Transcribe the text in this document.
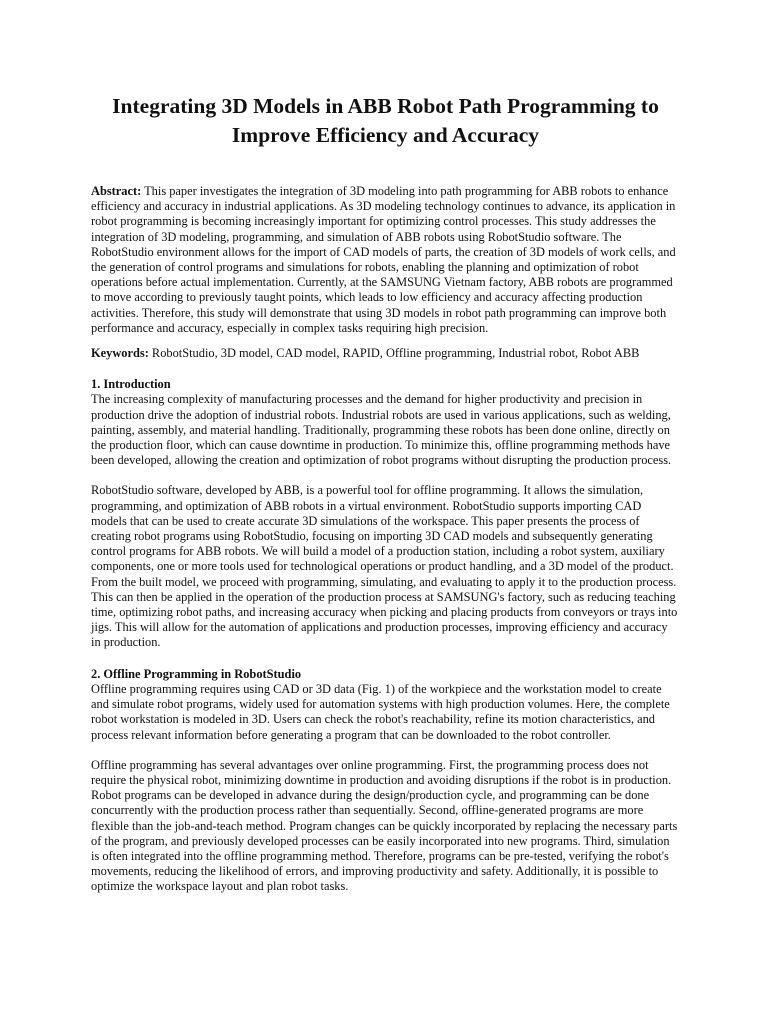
Integrating 3D Models in ABB Robot Path Programming to Improve Efficiency and Accuracy

Abstract: This paper investigates the integration of 3D modeling into path programming for ABB robots to enhance efficiency and accuracy in industrial applications. As 3D modeling technology continues to advance, its application in robot programming is becoming increasingly important for optimizing control processes. This study addresses the integration of 3D modeling, programming, and simulation of ABB robots using RobotStudio software. The RobotStudio environment allows for the import of CAD models of parts, the creation of 3D models of work cells, and the generation of control programs and simulations for robots, enabling the planning and optimization of robot operations before actual implementation. Currently, at the SAMSUNG Vietnam factory, ABB robots are programmed to move according to previously taught points, which leads to low efficiency and accuracy affecting production activities. Therefore, this study will demonstrate that using 3D models in robot path programming can improve both performance and accuracy, especially in complex tasks requiring high precision.

Keywords: RobotStudio, 3D model, CAD model, RAPID, Offline programming, Industrial robot, Robot ABB

1. Introduction

The increasing complexity of manufacturing processes and the demand for higher productivity and precision in production drive the adoption of industrial robots. Industrial robots are used in various applications, such as welding, painting, assembly, and material handling. Traditionally, programming these robots has been done online, directly on the production floor, which can cause downtime in production. To minimize this, offline programming methods have been developed, allowing the creation and optimization of robot programs without disrupting the production process.

RobotStudio software, developed by ABB, is a powerful tool for offline programming. It allows the simulation, programming, and optimization of ABB robots in a virtual environment. RobotStudio supports importing CAD models that can be used to create accurate 3D simulations of the workspace. This paper presents the process of creating robot programs using RobotStudio, focusing on importing 3D CAD models and subsequently generating control programs for ABB robots. We will build a model of a production station, including a robot system, auxiliary components, one or more tools used for technological operations or product handling, and a 3D model of the product. From the built model, we proceed with programming, simulating, and evaluating to apply it to the production process. This can then be applied in the operation of the production process at SAMSUNG's factory, such as reducing teaching time, optimizing robot paths, and increasing accuracy when picking and placing products from conveyors or trays into jigs. This will allow for the automation of applications and production processes, improving efficiency and accuracy in production.

2. Offline Programming in RobotStudio

Offline programming requires using CAD or 3D data (Fig. 1) of the workpiece and the workstation model to create and simulate robot programs, widely used for automation systems with high production volumes. Here, the complete robot workstation is modeled in 3D. Users can check the robot's reachability, refine its motion characteristics, and process relevant information before generating a program that can be downloaded to the robot controller.

Offline programming has several advantages over online programming. First, the programming process does not require the physical robot, minimizing downtime in production and avoiding disruptions if the robot is in production. Robot programs can be developed in advance during the design/production cycle, and programming can be done concurrently with the production process rather than sequentially. Second, offline-generated programs are more flexible than the job-and-teach method. Program changes can be quickly incorporated by replacing the necessary parts of the program, and previously developed processes can be easily incorporated into new programs. Third, simulation is often integrated into the offline programming method. Therefore, programs can be pre-tested, verifying the robot's movements, reducing the likelihood of errors, and improving productivity and safety. Additionally, it is possible to optimize the workspace layout and plan robot tasks.
